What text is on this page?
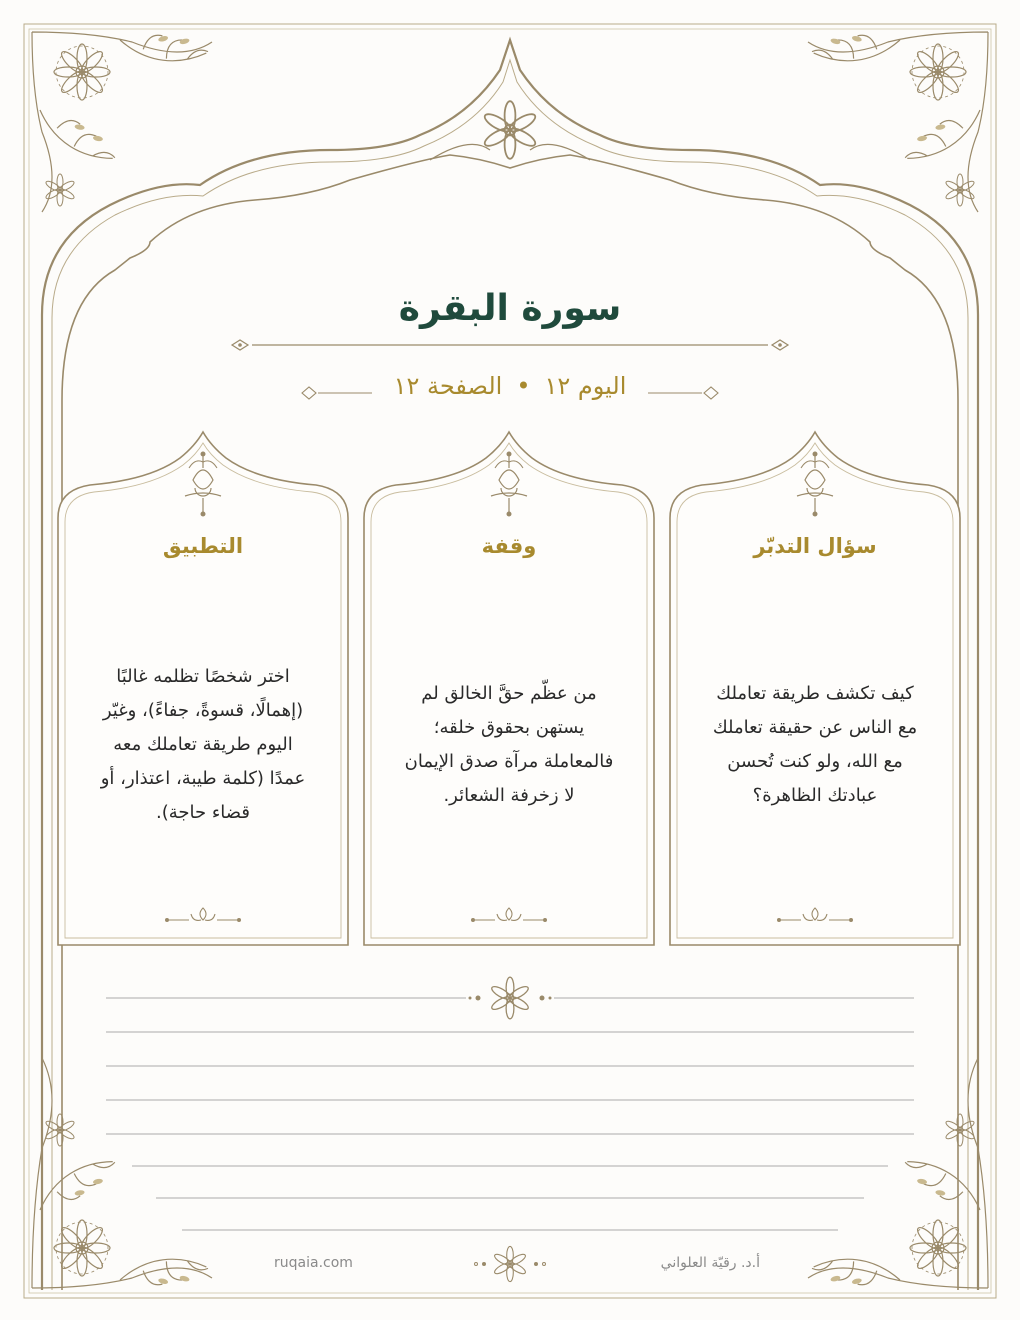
سورة البقرة
اليوم ١٢•الصفحة ١٢
سؤال التدبّر
كيف تكشف طريقة تعاملك
مع الناس عن حقيقة تعاملك
مع الله، ولو كنت تُحسن
عبادتك الظاهرة؟
وقفة
من عظّم حقَّ الخالق لم
يستهن بحقوق خلقه؛
فالمعاملة مرآة صدق الإيمان
لا زخرفة الشعائر.
التطبيق
اختر شخصًا تظلمه غالبًا
(إهمالًا، قسوةً، جفاءً)، وغيّر
اليوم طريقة تعاملك معه
عمدًا (كلمة طيبة، اعتذار، أو
قضاء حاجة).
ruqaia.com	أ.د. رقيّة العلواني
